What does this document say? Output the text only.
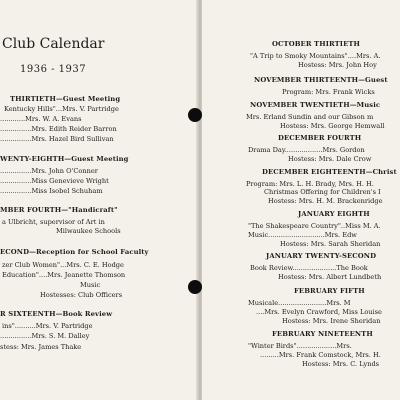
Club Calendar
1936 - 1937
THIRTIETH—Guest Meeting
Kentucky Hills"...Mrs. V. Partridge
............Mrs. W. A. Evans
...............Mrs. Edith Reider Barron
...............Mrs. Hazel Bird Sullivan
WENTY-EIGHTH—Guest Meeting
...............Mrs. John O'Conner
...............Miss Genevieve Wright
...............Miss Isobel Schuham
MBER FOURTH—"Handicraft"
a Ulbricht, supervisor of Art in
Milwaukee Schools
ECOND—Reception for School Faculty
zer Club Women"...Mrs. C. E. Hodge
Education"....Mrs. Jeanette Thomson
Music
Hostesses: Club Officers
R SIXTEENTH—Book Review
ins"..........Mrs. V. Partridge
...............Mrs. S. M. Dalley
stess: Mrs. James Thake
OCTOBER THIRTIETH
"A Trip to Smoky Mountains"....Mrs. A.
Hostess: Mrs. John Hoy
NOVEMBER THIRTEENTH—Guest
Program: Mrs. Frank Wicks
NOVEMBER TWENTIETH—Music
Mrs. Erland Sundin and our Gibson m
Hostess: Mrs. George Hemwall
DECEMBER FOURTH
Drama Day..................Mrs. Gordon
Hostess: Mrs. Dale Crow
DECEMBER EIGHTEENTH—Christ
Program: Mrs. L. H. Brady, Mrs. H. H.
Christmas Offering for Children's I
Hostess: Mrs. H. M. Brackenridge
JANUARY EIGHTH
"The Shakespeare Country"..Miss M. A.
Music...........................Mrs. Edw
Hostess: Mrs. Sarah Sheridan
JANUARY TWENTY-SECOND
Book Review.....................The Book
Hostess: Mrs. Albert Lundbeth
FEBRUARY FIFTH
Musicale.......................Mrs. M
....Mrs. Evelyn Crawford, Miss Louise
Hostess: Mrs. Irene Sheridan
FEBRUARY NINETEENTH
"Winter Birds"...................Mrs.
.........Mrs. Frank Comstock, Mrs. H.
Hostess: Mrs. C. Lynds
